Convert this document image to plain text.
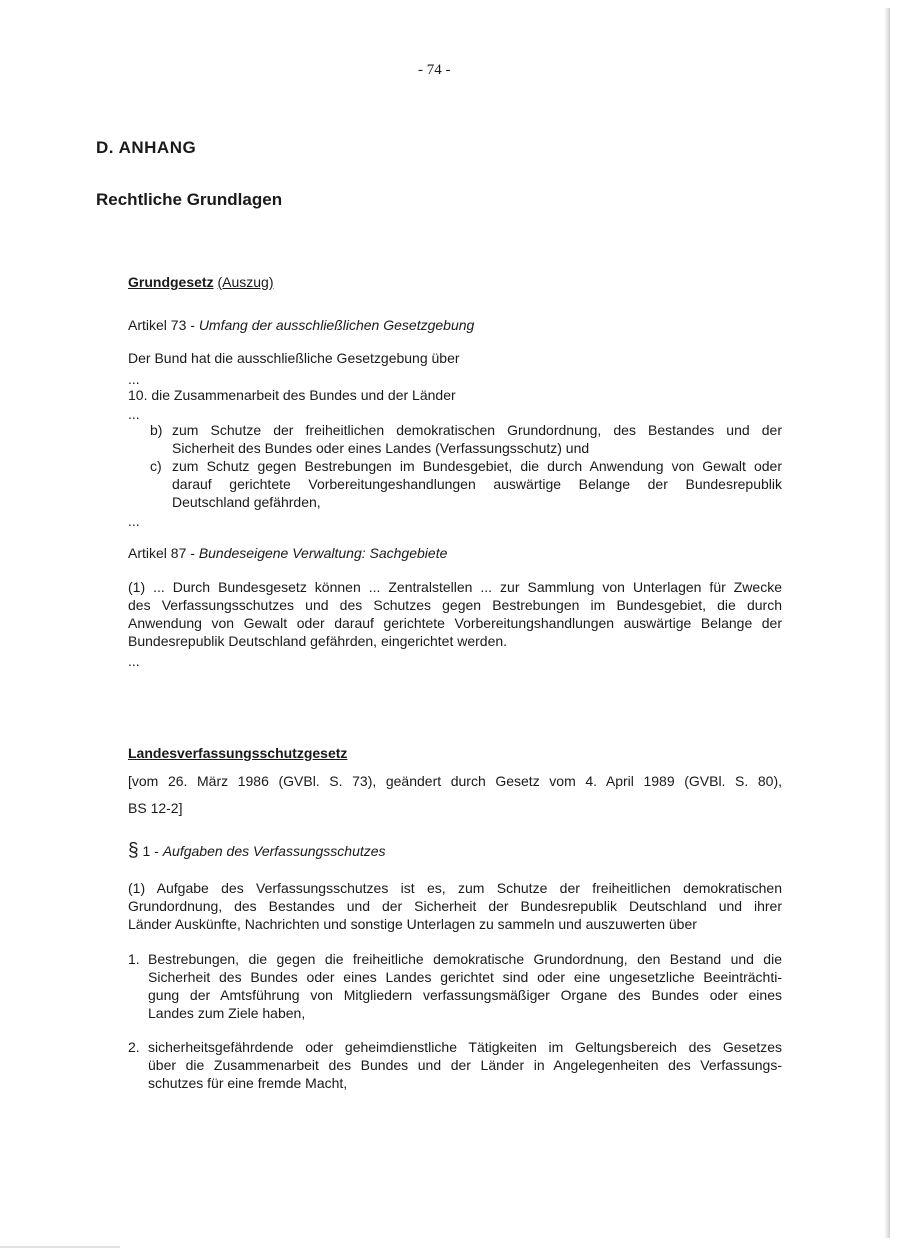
- 74 -
D. ANHANG
Rechtliche Grundlagen
Grundgesetz (Auszug)
Artikel 73 - Umfang der ausschließlichen Gesetzgebung
Der Bund hat die ausschließliche Gesetzgebung über
...
10. die Zusammenarbeit des Bundes und der Länder
...
b) zum Schutze der freiheitlichen demokratischen Grundordnung, des Bestandes und der
Sicherheit des Bundes oder eines Landes (Verfassungsschutz) und
c) zum Schutz gegen Bestrebungen im Bundesgebiet, die durch Anwendung von Gewalt oder
darauf gerichtete Vorbereitungeshandlungen auswärtige Belange der Bundesrepublik
Deutschland gefährden,
...
Artikel 87 - Bundeseigene Verwaltung: Sachgebiete
(1) ... Durch Bundesgesetz können ... Zentralstellen ... zur Sammlung von Unterlagen für Zwecke
des Verfassungsschutzes und des Schutzes gegen Bestrebungen im Bundesgebiet, die durch
Anwendung von Gewalt oder darauf gerichtete Vorbereitungshandlungen auswärtige Belange der
Bundesrepublik Deutschland gefährden, eingerichtet werden.
...
Landesverfassungsschutzgesetz
[vom 26. März 1986 (GVBl. S. 73), geändert durch Gesetz vom 4. April 1989 (GVBl. S. 80),
BS 12-2]
§ 1 - Aufgaben des Verfassungsschutzes
(1) Aufgabe des Verfassungsschutzes ist es, zum Schutze der freiheitlichen demokratischen
Grundordnung, des Bestandes und der Sicherheit der Bundesrepublik Deutschland und ihrer
Länder Auskünfte, Nachrichten und sonstige Unterlagen zu sammeln und auszuwerten über
1. Bestrebungen, die gegen die freiheitliche demokratische Grundordnung, den Bestand und die
Sicherheit des Bundes oder eines Landes gerichtet sind oder eine ungesetzliche Beeinträchti-
gung der Amtsführung von Mitgliedern verfassungsmäßiger Organe des Bundes oder eines
Landes zum Ziele haben,
2. sicherheitsgefährdende oder geheimdienstliche Tätigkeiten im Geltungsbereich des Gesetzes
über die Zusammenarbeit des Bundes und der Länder in Angelegenheiten des Verfassungs-
schutzes für eine fremde Macht,
